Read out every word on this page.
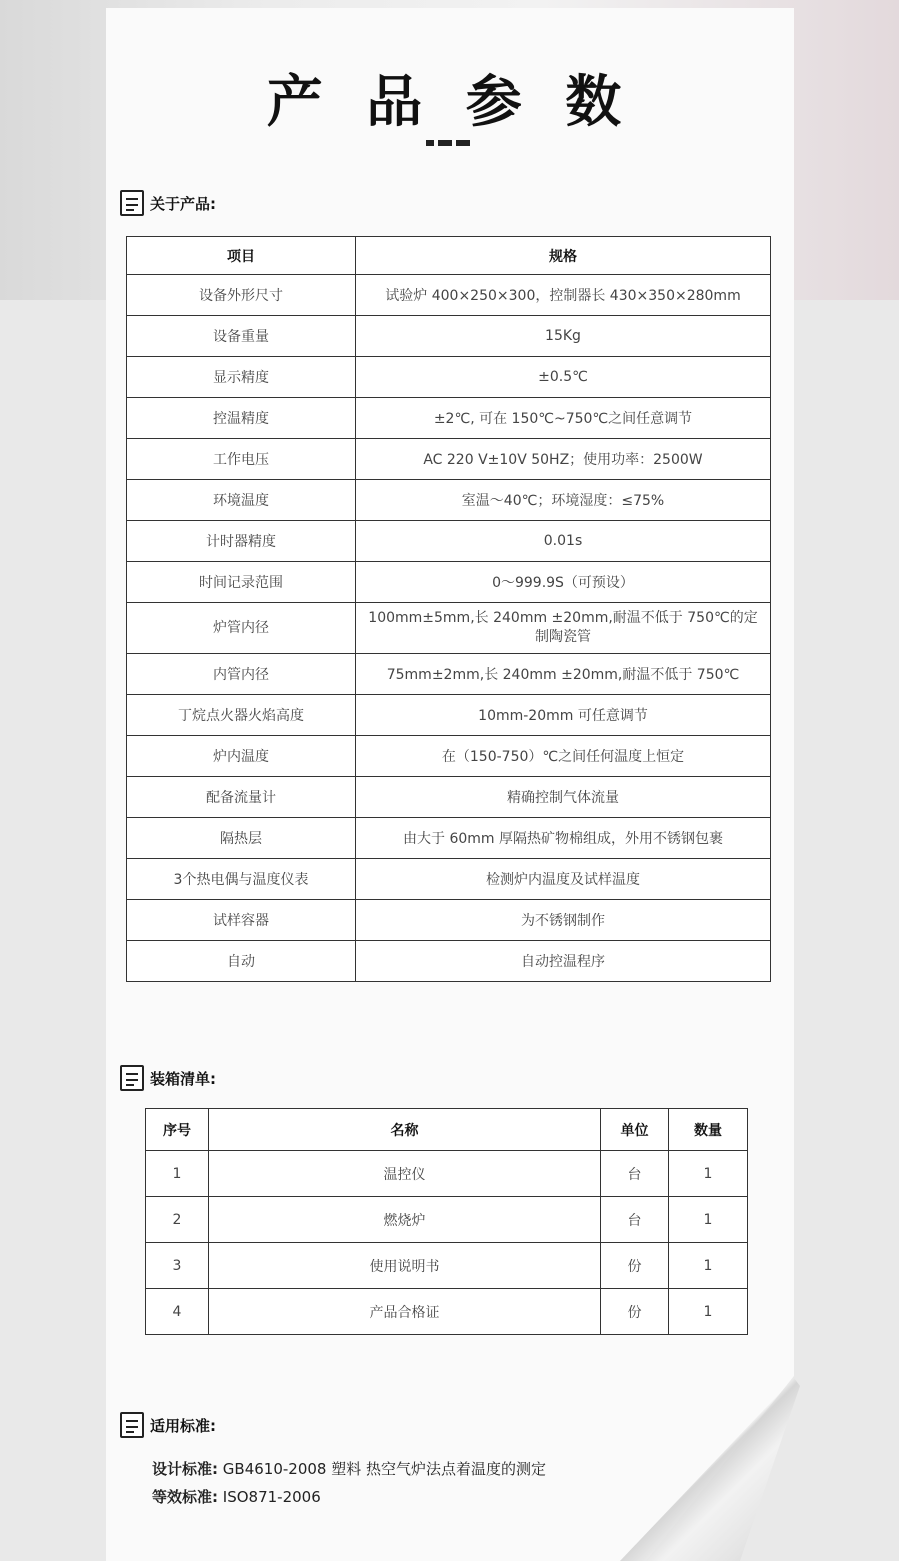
产 品 参 数
关于产品:
项目	规格
设备外形尺寸	试验炉 400×250×300，控制器长 430×350×280mm
设备重量	15Kg
显示精度	±0.5℃
控温精度	±2℃, 可在 150℃~750℃之间任意调节
工作电压	AC 220 V±10V 50HZ；使用功率：2500W
环境温度	室温～40℃；环境湿度：≤75%
计时器精度	0.01s
时间记录范围	0～999.9S（可预设）
炉管内径	100mm±5mm,长 240mm ±20mm,耐温不低于 750℃的定制陶瓷管
内管内径	75mm±2mm,长 240mm ±20mm,耐温不低于 750℃
丁烷点火器火焰高度	10mm-20mm 可任意调节
炉内温度	在（150-750）℃之间任何温度上恒定
配备流量计	精确控制气体流量
隔热层	由大于 60mm 厚隔热矿物棉组成，外用不锈钢包裹
3个热电偶与温度仪表	检测炉内温度及试样温度
试样容器	为不锈钢制作
自动	自动控温程序
装箱清单:
序号	名称	单位	数量
1	温控仪	台	1
2	燃烧炉	台	1
3	使用说明书	份	1
4	产品合格证	份	1
适用标准:
设计标准: GB4610-2008 塑料 热空气炉法点着温度的测定
等效标准: ISO871-2006
